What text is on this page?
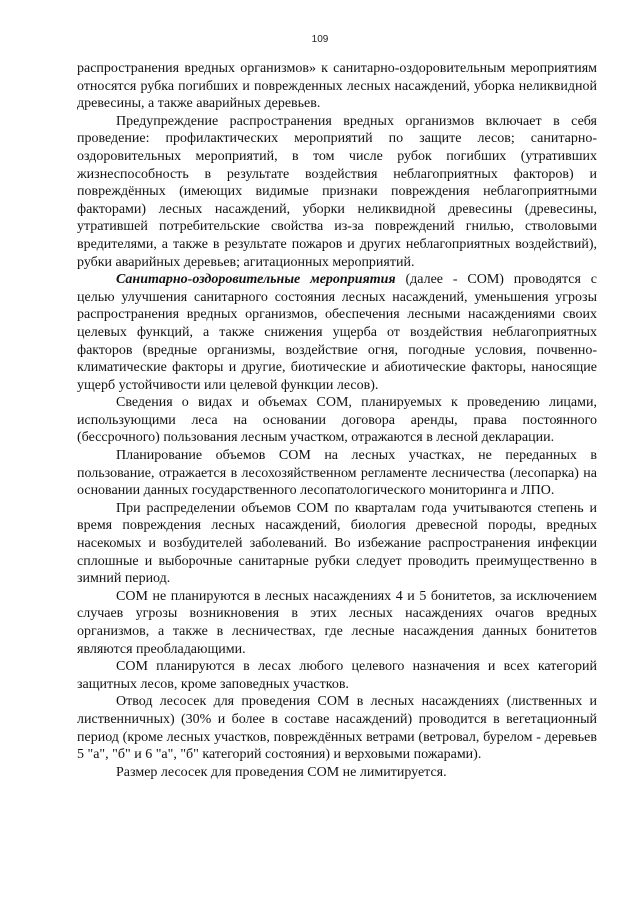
109

распространения вредных организмов» к санитарно-оздоровительным мероприятиям относятся рубка погибших и поврежденных лесных насаждений, уборка неликвидной древесины, а также аварийных деревьев.

Предупреждение распространения вредных организмов включает в себя проведение: профилактических мероприятий по защите лесов; санитарно-оздоровительных мероприятий, в том числе рубок погибших (утративших жизнеспособность в результате воздействия неблагоприятных факторов) и повреждённых (имеющих видимые признаки повреждения неблагоприятными факторами) лесных насаждений, уборки неликвидной древесины (древесины, утратившей потребительские свойства из-за повреждений гнилью, стволовыми вредителями, а также в результате пожаров и других неблагоприятных воздействий), рубки аварийных деревьев; агитационных мероприятий.

Санитарно-оздоровительные мероприятия (далее - СОМ) проводятся с целью улучшения санитарного состояния лесных насаждений, уменьшения угрозы распространения вредных организмов, обеспечения лесными насаждениями своих целевых функций, а также снижения ущерба от воздействия неблагоприятных факторов (вредные организмы, воздействие огня, погодные условия, почвенно-климатические факторы и другие, биотические и абиотические факторы, наносящие ущерб устойчивости или целевой функции лесов).

Сведения о видах и объемах СОМ, планируемых к проведению лицами, использующими леса на основании договора аренды, права постоянного (бессрочного) пользования лесным участком, отражаются в лесной декларации.

Планирование объемов СОМ на лесных участках, не переданных в пользование, отражается в лесохозяйственном регламенте лесничества (лесопарка) на основании данных государственного лесопатологического мониторинга и ЛПО.

При распределении объемов СОМ по кварталам года учитываются степень и время повреждения лесных насаждений, биология древесной породы, вредных насекомых и возбудителей заболеваний. Во избежание распространения инфекции сплошные и выборочные санитарные рубки следует проводить преимущественно в зимний период.

СОМ не планируются в лесных насаждениях 4 и 5 бонитетов, за исключением случаев угрозы возникновения в этих лесных насаждениях очагов вредных организмов, а также в лесничествах, где лесные насаждения данных бонитетов являются преобладающими.

СОМ планируются в лесах любого целевого назначения и всех категорий защитных лесов, кроме заповедных участков.

Отвод лесосек для проведения СОМ в лесных насаждениях (лиственных и лиственничных) (30% и более в составе насаждений) проводится в вегетационный период (кроме лесных участков, повреждённых ветрами (ветровал, бурелом - деревьев 5 "а", "б" и 6 "а", "б" категорий состояния) и верховыми пожарами).

Размер лесосек для проведения СОМ не лимитируется.
